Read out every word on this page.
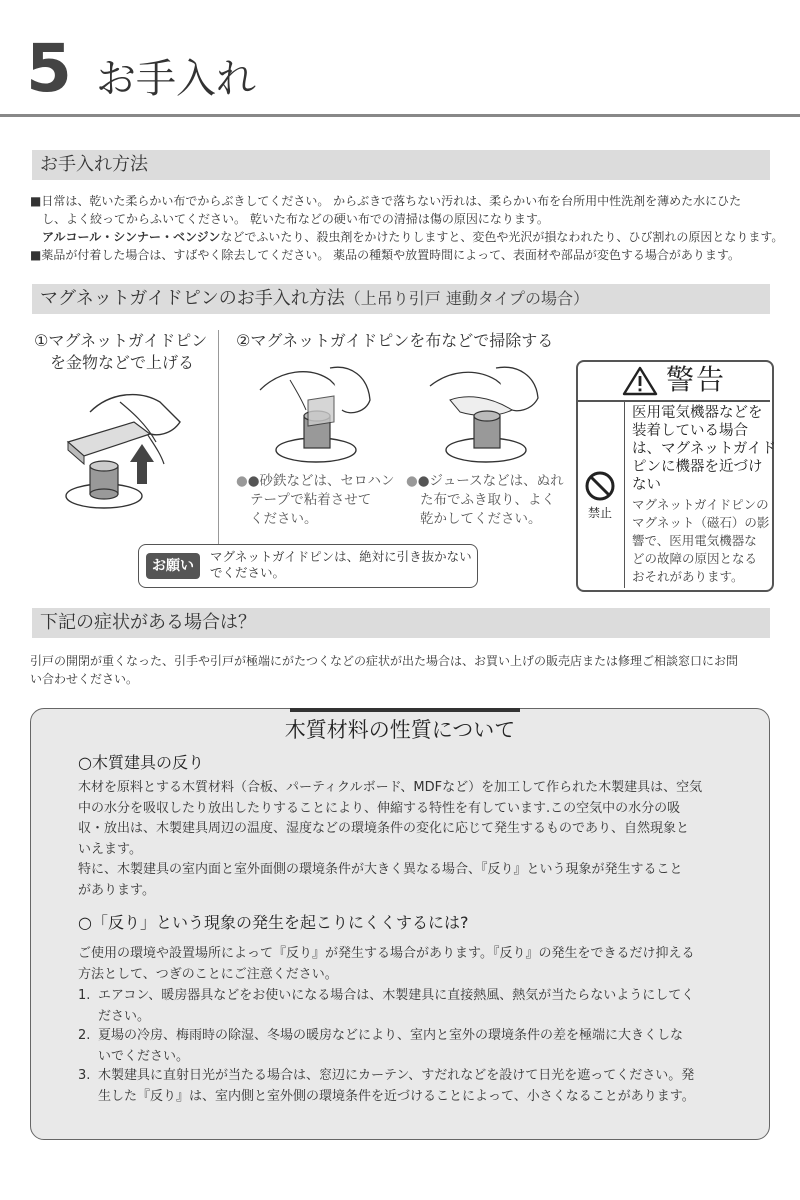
5 お手入れ
お手入れ方法
■日常は、乾いた柔らかい布でからぶきしてください。 からぶきで落ちない汚れは、柔らかい布を台所用中性洗剤を薄めた水にひた
し、よく絞ってからふいてください。 乾いた布などの硬い布での清掃は傷の原因になります。
アルコール・シンナー・ベンジンなどでふいたり、殺虫剤をかけたりしますと、変色や光沢が損なわれたり、ひび割れの原因となります。
■薬品が付着した場合は、すばやく除去してください。 薬品の種類や放置時間によって、表面材や部品が変色する場合があります。
マグネットガイドピンのお手入れ方法（上吊り引戸 連動タイプの場合）
①マグネットガイドピン
を金物などで上げる
②マグネットガイドピンを布などで掃除する
●●砂鉄などは、セロハン
テープで粘着させて
ください。
●●ジュースなどは、ぬれ
た布でふき取り、よく
乾かしてください。
お願い
マグネットガイドピンは、絶対に引き抜かない
でください。
警告
禁止
医用電気機器などを
装着している場合
は、マグネットガイド
ピンに機器を近づけ
ない
マグネットガイドピンの
マグネット（磁石）の影
響で、医用電気機器な
どの故障の原因となる
おそれがあります。
下記の症状がある場合は？
引戸の開閉が重くなった、引手や引戸が極端にがたつくなどの症状が出た場合は、お買い上げの販売店または修理ご相談窓口にお問
い合わせください。
木質材料の性質について
○木質建具の反り
木材を原料とする木質材料（合板、パーティクルボード、MDFなど）を加工して作られた木製建具は、空気
中の水分を吸収したり放出したりすることにより、伸縮する特性を有しています.この空気中の水分の吸
収・放出は、木製建具周辺の温度、湿度などの環境条件の変化に応じて発生するものであり、自然現象と
いえます。
特に、木製建具の室内面と室外面側の環境条件が大きく異なる場合、『反り』という現象が発生すること
があります。
○「反り」という現象の発生を起こりにくくするには?
ご使用の環境や設置場所によって『反り』が発生する場合があります。『反り』の発生をできるだけ抑える
方法として、つぎのことにご注意ください。
1. エアコン、暖房器具などをお使いになる場合は、木製建具に直接熱風、熱気が当たらないようにしてく
ださい。
2. 夏場の冷房、梅雨時の除湿、冬場の暖房などにより、室内と室外の環境条件の差を極端に大きくしな
いでください。
3. 木製建具に直射日光が当たる場合は、窓辺にカーテン、すだれなどを設けて日光を遮ってください。発
生した『反り』は、室内側と室外側の環境条件を近づけることによって、小さくなることがあります。
